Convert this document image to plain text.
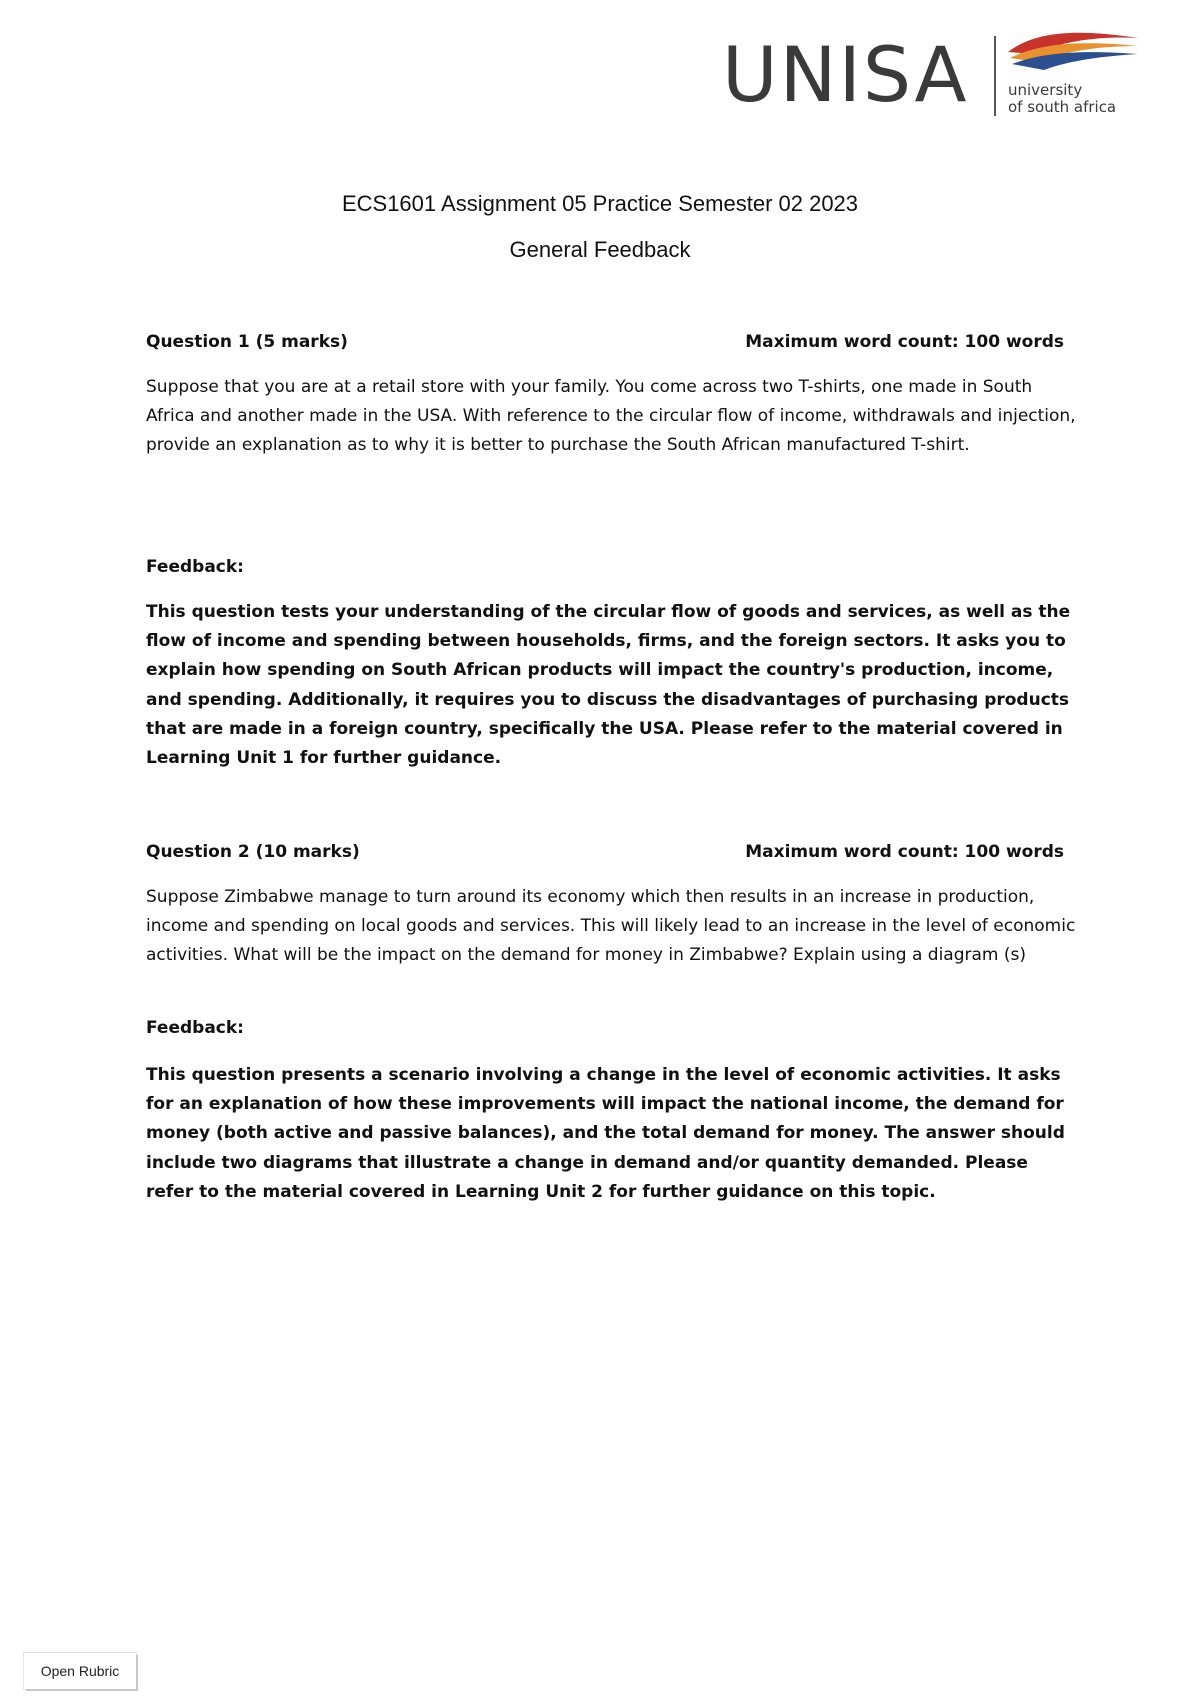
UNISA	university
of south africa
ECS1601 Assignment 05 Practice Semester 02 2023
General Feedback
Question 1 (5 marks)	Maximum word count: 100 words

Suppose that you are at a retail store with your family. You come across two T-shirts, one made in South Africa and another made in the USA. With reference to the circular flow of income, withdrawals and injection, provide an explanation as to why it is better to purchase the South African manufactured T-shirt.

Feedback:

This question tests your understanding of the circular flow of goods and services, as well as the flow of income and spending between households, firms, and the foreign sectors. It asks you to explain how spending on South African products will impact the country's production, income, and spending. Additionally, it requires you to discuss the disadvantages of purchasing products that are made in a foreign country, specifically the USA. Please refer to the material covered in Learning Unit 1 for further guidance.

Question 2 (10 marks)	Maximum word count: 100 words

Suppose Zimbabwe manage to turn around its economy which then results in an increase in production, income and spending on local goods and services. This will likely lead to an increase in the level of economic activities. What will be the impact on the demand for money in Zimbabwe? Explain using a diagram (s)

Feedback:

This question presents a scenario involving a change in the level of economic activities. It asks for an explanation of how these improvements will impact the national income, the demand for money (both active and passive balances), and the total demand for money. The answer should include two diagrams that illustrate a change in demand and/or quantity demanded. Please refer to the material covered in Learning Unit 2 for further guidance on this topic.

Open Rubric
